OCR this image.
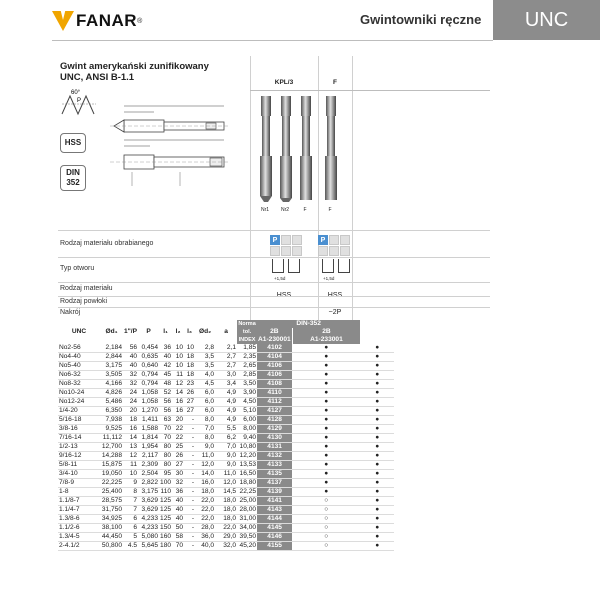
FANAR ®	Gwintowniki ręczne	UNC
Gwint amerykański zunifikowany
UNC, ANSI B-1.1
60°
P
HSS
DIN 352
KPL/3	F
Nr1	Nr2	F	F
Rodzaj materiału obrabianego	P	P
Typ otworu
+1,5d	+1,5d
Rodzaj materiału
Rodzaj powłoki
Nakrój	~2P
UNC	Ød₁	1"/P	P	l₁	l₂	l₃	Ød₂	a	Norma	DIN-352		
									tol.	2B	2B	
									INDEX	A1-230001	A1-233001	
No2-56	2,184	56	0,454	36	10	10	2,8	2,1	1,85	4102	●	●
No4-40	2,844	40	0,635	40	10	18	3,5	2,7	2,35	4104	●	●
No5-40	3,175	40	0,640	42	10	18	3,5	2,7	2,65	4106	●	●
No6-32	3,505	32	0,794	45	11	18	4,0	3,0	2,85	4106	●	●
No8-32	4,166	32	0,794	48	12	23	4,5	3,4	3,50	4108	●	●
No10-24	4,826	24	1,058	52	14	26	6,0	4,9	3,90	4110	●	●
No12-24	5,486	24	1,058	56	16	27	6,0	4,9	4,50	4112	●	●
1/4-20	6,350	20	1,270	56	16	27	6,0	4,9	5,10	4127	●	●
5/16-18	7,938	18	1,411	63	20	-	8,0	4,9	6,00	4128	●	●
3/8-16	9,525	16	1,588	70	22	-	7,0	5,5	8,00	4129	●	●
7/16-14	11,112	14	1,814	70	22	-	8,0	6,2	9,40	4130	●	●
1/2-13	12,700	13	1,954	80	25	-	9,0	7,0	10,80	4131	●	●
9/16-12	14,288	12	2,117	80	26	-	11,0	9,0	12,20	4132	●	●
5/8-11	15,875	11	2,309	80	27	-	12,0	9,0	13,53	4133	●	●
3/4-10	19,050	10	2,504	95	30	-	14,0	11,0	16,50	4135	●	●
7/8-9	22,225	9	2,822	100	32	-	16,0	12,0	18,80	4137	●	●
1-8	25,400	8	3,175	110	36	-	18,0	14,5	22,25	4139	●	●
1.1/8-7	28,575	7	3,629	125	40	-	22,0	18,0	25,00	4141	○	●
1.1/4-7	31,750	7	3,629	125	40	-	22,0	18,0	28,00	4143	○	●
1.3/8-6	34,925	6	4,233	125	40	-	22,0	18,0	31,00	4144	○	●
1.1/2-6	38,100	6	4,233	150	50	-	28,0	22,0	34,00	4145	○	●
1.3/4-5	44,450	5	5,080	160	58	-	36,0	29,0	39,50	4146	○	●
2-4.1/2	50,800	4.5	5,645	180	70	-	40,0	32,0	45,20	4155	○	●
